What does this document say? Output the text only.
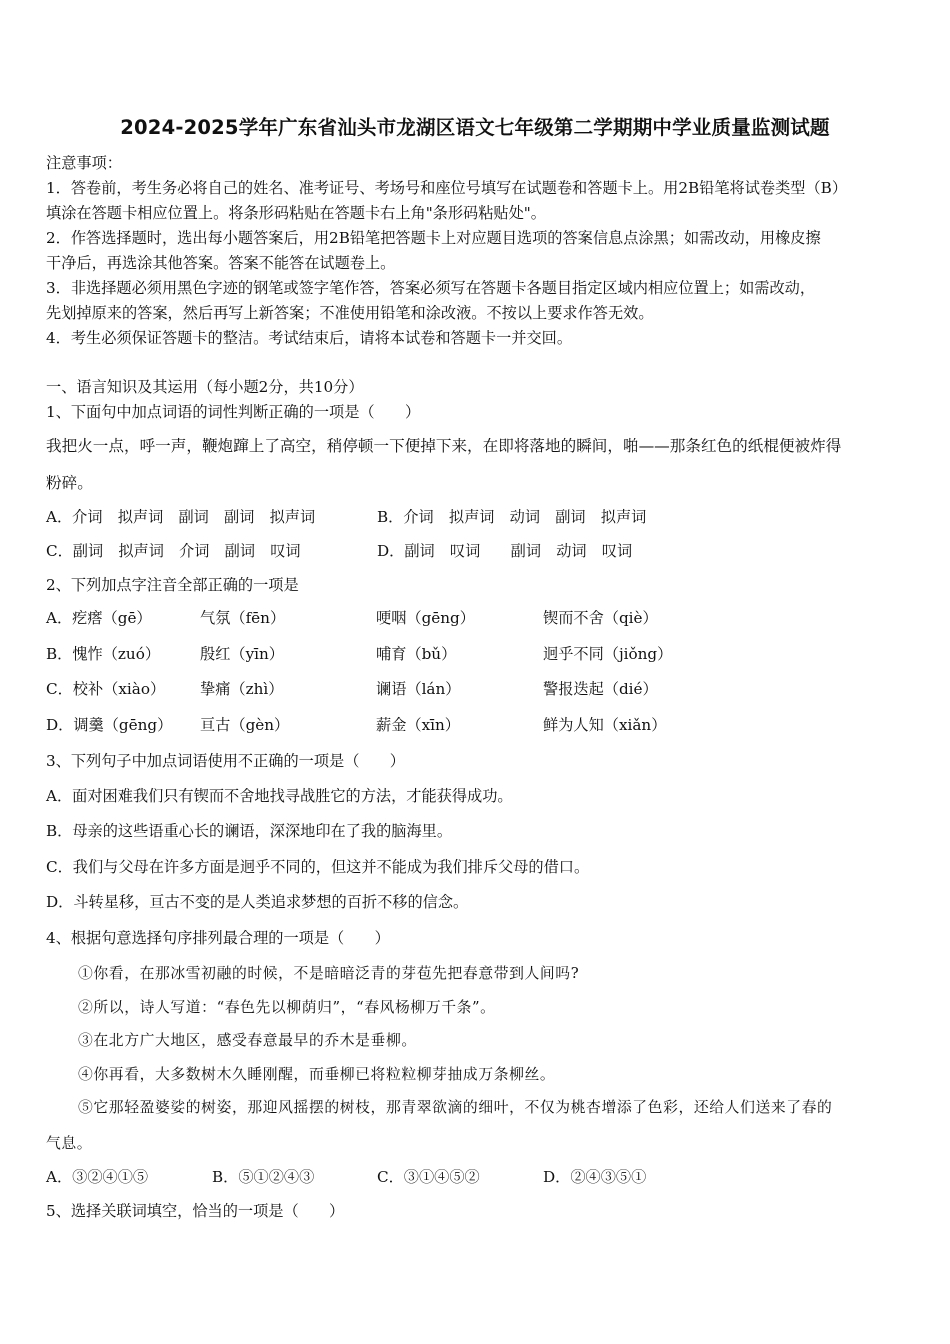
2024-2025学年广东省汕头市龙湖区语文七年级第二学期期中学业质量监测试题
注意事项：
1．答卷前，考生务必将自己的姓名、准考证号、考场号和座位号填写在试题卷和答题卡上。用2B铅笔将试卷类型（B）
填涂在答题卡相应位置上。将条形码粘贴在答题卡右上角"条形码粘贴处"。
2．作答选择题时，选出每小题答案后，用2B铅笔把答题卡上对应题目选项的答案信息点涂黑；如需改动，用橡皮擦
干净后，再选涂其他答案。答案不能答在试题卷上。
3．非选择题必须用黑色字迹的钢笔或签字笔作答，答案必须写在答题卡各题目指定区域内相应位置上；如需改动，
先划掉原来的答案，然后再写上新答案；不准使用铅笔和涂改液。不按以上要求作答无效。
4．考生必须保证答题卡的整洁。考试结束后，请将本试卷和答题卡一并交回。
一、语言知识及其运用（每小题2分，共10分）
1、下面句中加点词语的词性判断正确的一项是（　　）
我把火一点，呼一声，鞭炮蹿上了高空，稍停顿一下便掉下来，在即将落地的瞬间，啪——那条红色的纸棍便被炸得
粉碎。
A．介词　拟声词　副词　副词　拟声词	B．介词　拟声词　动词　副词　拟声词
C．副词　拟声词　介词　副词　叹词	D．副词　叹词　　副词　动词　叹词
2、下列加点字注音全部正确的一项是
A．疙瘩（gē）	气氛（fēn）	哽咽（gēng）	锲而不舍（qiè）
B．愧怍（zuó）	殷红（yīn）	哺育（bǔ）	迥乎不同（jiǒng）
C．校补（xiào） 挚痛（zhì）	谰语（lán）	警报迭起（dié）
D．调羹（gēng） 亘古（gèn）	薪金（xīn）	鲜为人知（xiǎn）
3、下列句子中加点词语使用不正确的一项是（　　）
A．面对困难我们只有锲而不舍地找寻战胜它的方法，才能获得成功。
B．母亲的这些语重心长的谰语，深深地印在了我的脑海里。
C．我们与父母在许多方面是迥乎不同的，但这并不能成为我们排斥父母的借口。
D．斗转星移，亘古不变的是人类追求梦想的百折不移的信念。
4、根据句意选择句序排列最合理的一项是（　　）
①你看，在那冰雪初融的时候，不是暗暗泛青的芽苞先把春意带到人间吗?
②所以，诗人写道：“春色先以柳荫归”，“春风杨柳万千条”。
③在北方广大地区，感受春意最早的乔木是垂柳。
④你再看，大多数树木久睡刚醒，而垂柳已将粒粒柳芽抽成万条柳丝。
⑤它那轻盈婆娑的树姿，那迎风摇摆的树枝，那青翠欲滴的细叶，不仅为桃杏增添了色彩，还给人们送来了春的
气息。
A．③②④①⑤	B．⑤①②④③	C．③①④⑤②	D．②④③⑤①
5、选择关联词填空，恰当的一项是（　　）
